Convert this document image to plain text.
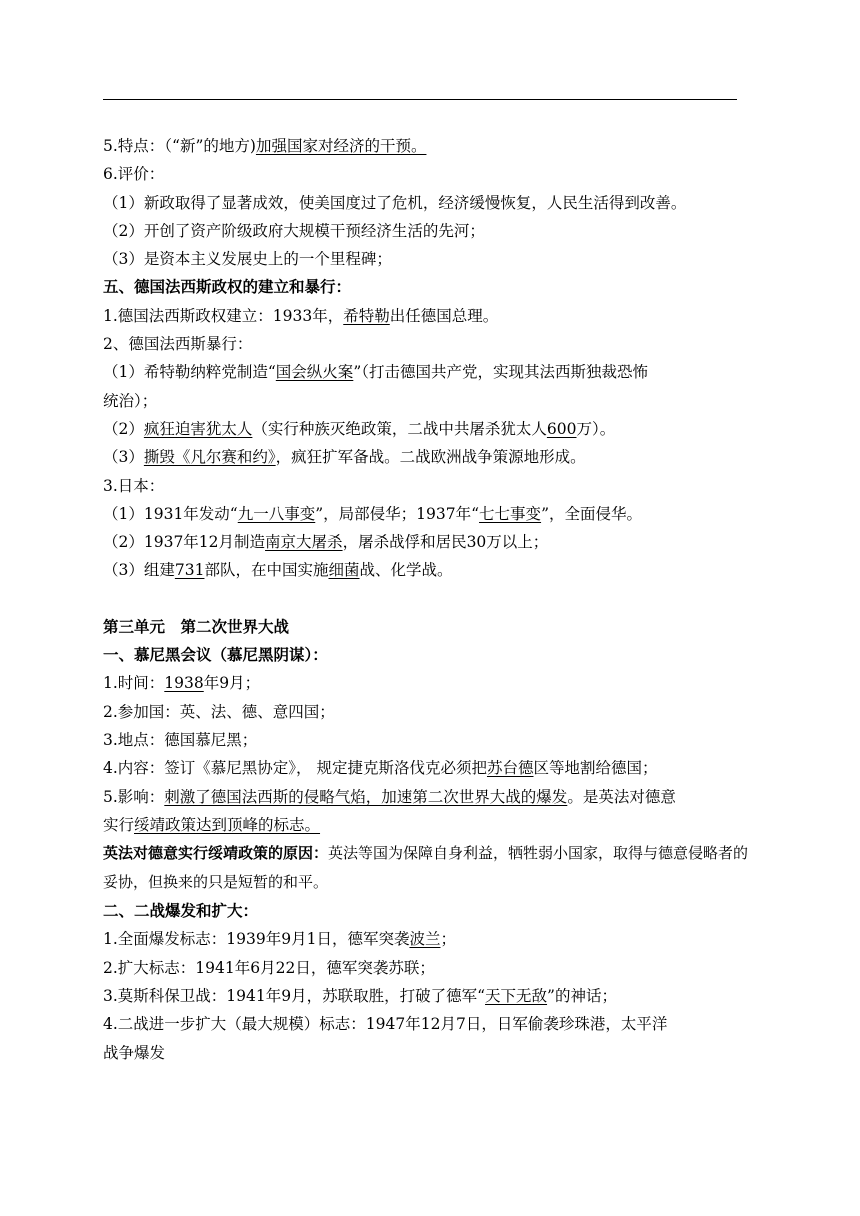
5.特点：（“新”的地方)加强国家对经济的干预。
6.评价：
（1）新政取得了显著成效，使美国度过了危机，经济缓慢恢复，人民生活得到改善。
（2）开创了资产阶级政府大规模干预经济生活的先河；
（3）是资本主义发展史上的一个里程碑；
五、德国法西斯政权的建立和暴行：
1.德国法西斯政权建立：1933年，希特勒出任德国总理。
2、德国法西斯暴行：
（1）希特勒纳粹党制造“国会纵火案”（打击德国共产党，实现其法西斯独裁恐怖
统治）；
（2）疯狂迫害犹太人（实行种族灭绝政策，二战中共屠杀犹太人600万）。
（3）撕毁《凡尔赛和约》，疯狂扩军备战。二战欧洲战争策源地形成。
3.日本：
（1）1931年发动“九一八事变”，局部侵华；1937年“七七事变”，全面侵华。
（2）1937年12月制造南京大屠杀，屠杀战俘和居民30万以上；
（3）组建731部队，在中国实施细菌战、化学战。
第三单元　第二次世界大战
一、慕尼黑会议（慕尼黑阴谋）：
1.时间：1938年9月；
2.参加国：英、法、德、意四国；
3.地点：德国慕尼黑；
4.内容：签订《慕尼黑协定》， 规定捷克斯洛伐克必须把苏台德区等地割给德国；
5.影响：刺激了德国法西斯的侵略气焰，加速第二次世界大战的爆发。是英法对德意
实行绥靖政策达到顶峰的标志。
英法对德意实行绥靖政策的原因：英法等国为保障自身利益，牺牲弱小国家，取得与德意侵略者的妥协，但换来的只是短暂的和平。
二、二战爆发和扩大：
1.全面爆发标志：1939年9月1日，德军突袭波兰；
2.扩大标志：1941年6月22日，德军突袭苏联；
3.莫斯科保卫战：1941年9月，苏联取胜，打破了德军“天下无敌”的神话；
4.二战进一步扩大（最大规模）标志：1947年12月7日，日军偷袭珍珠港，太平洋
战争爆发
